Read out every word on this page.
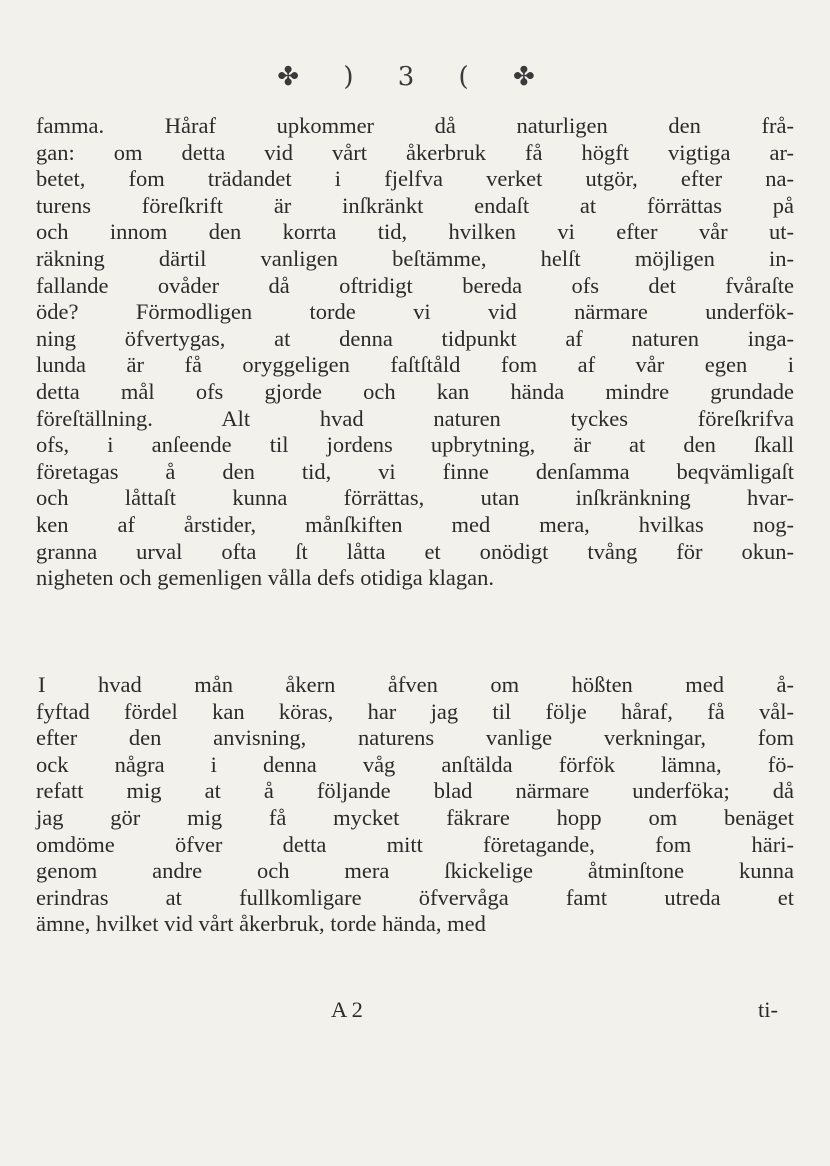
✤ ) 3 ( ✤
famma. Håraf upkommer då naturligen den frå-
gan: om detta vid vårt åkerbruk få högft vigtiga ar-
betet, fom trädandet i fjelfva verket utgör, efter na-
turens föreſkrift är inſkränkt endaſt at förrättas på
och innom den korrta tid, hvilken vi efter vår ut-
räkning därtil vanligen beſtämme, helſt möjligen in-
fallande ovåder då oftridigt bereda ofs det fvåraſte
öde? Förmodligen torde vi vid närmare underfök-
ning öfvertygas, at denna tidpunkt af naturen inga-
lunda är få oryggeligen faſtſtåld fom af vår egen i
detta mål ofs gjorde och kan hända mindre grundade
föreſtällning. Alt hvad naturen tyckes föreſkrifva
ofs, i anſeende til jordens upbrytning, är at den ſkall
företagas å den tid, vi finne denſamma beqvämligaſt
och låttaſt kunna förrättas, utan inſkränkning hvar-
ken af årstider, månſkiften med mera, hvilkas nog-
granna urval ofta ſt låtta et onödigt tvång för okun-
nigheten och gemenligen vålla defs otidiga klagan.
I hvad mån åkern åfven om hößten med å-
fyftad fördel kan köras, har jag til följe håraf, få vål-
efter den anvisning, naturens vanlige verkningar, fom
ock några i denna våg anſtälda förfök lämna, fö-
refatt mig at å följande blad närmare underföka; då
jag gör mig få mycket fäkrare hopp om benäget
omdöme öfver detta mitt företagande, fom häri-
genom andre och mera ſkickelige åtminſtone kunna
erindras at fullkomligare öfvervåga famt utreda et
ämne, hvilket vid vårt åkerbruk, torde hända, med
A 2	ti-
